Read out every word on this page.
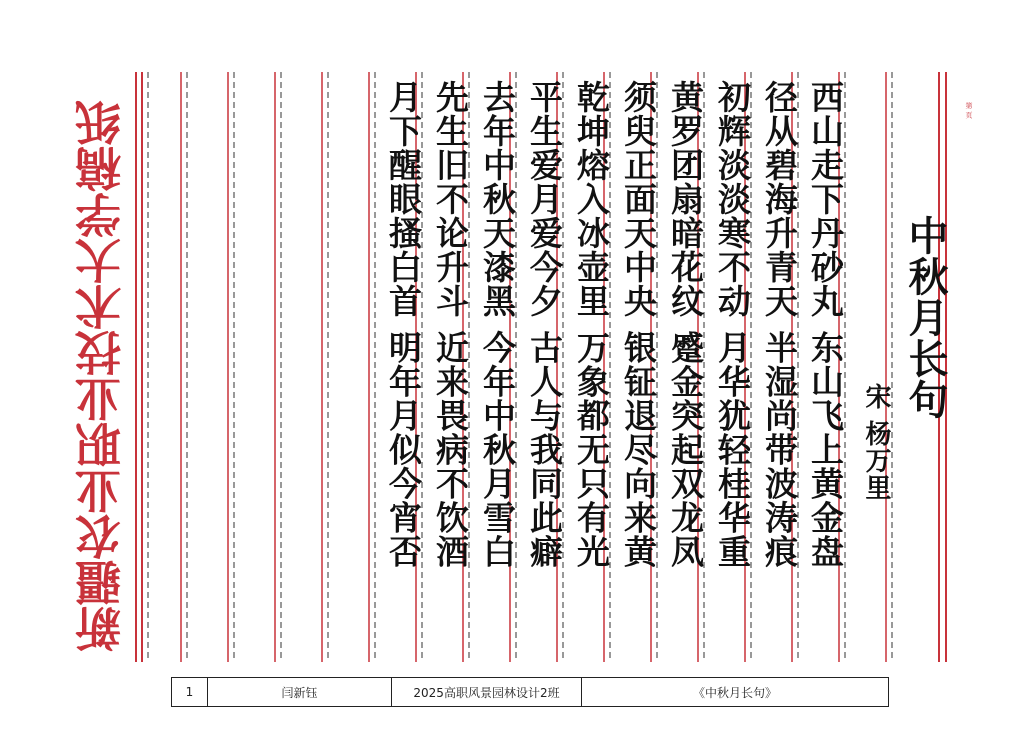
新疆农业职业技术大学稿纸	第 页
中秋月长句
宋 杨万里
西山走下丹砂丸 东山飞上黄金盘
径从碧海升青天 半湿尚带波涛痕
初辉淡淡寒不动 月华犹轻桂华重
黄罗团扇暗花纹 蹙金突起双龙凤
须臾正面天中央 银钲退尽向来黄
乾坤熔入冰壶里 万象都无只有光
平生爱月爱今夕 古人与我同此癖
去年中秋天漆黑 今年中秋月雪白
先生旧不论升斗 近来畏病不饮酒
月下醒眼搔白首 明年月似今宵否
1	闫新钰	2025高职风景园林设计2班	《中秋月长句》
